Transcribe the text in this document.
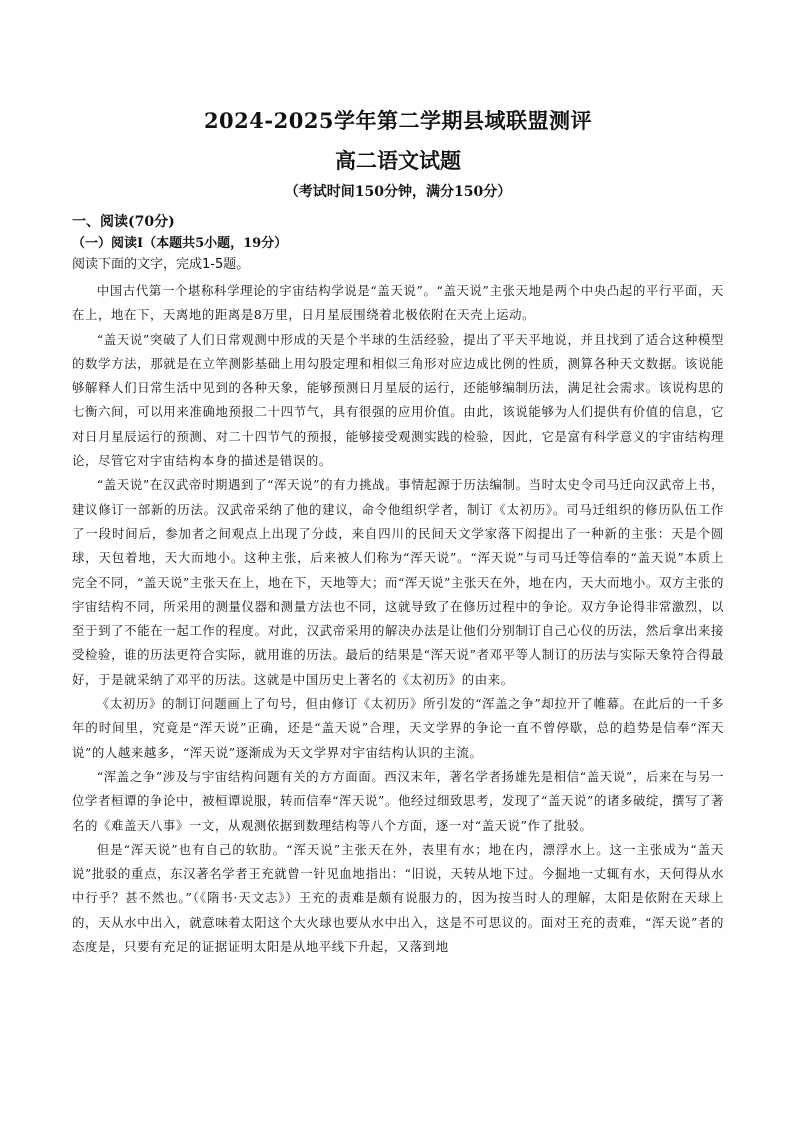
2024-2025学年第二学期县域联盟测评
高二语文试题

（考试时间150分钟，满分150分）

一、阅读(70分)

（一）阅读Ⅰ（本题共5小题，19分）

阅读下面的文字，完成1-5题。

中国古代第一个堪称科学理论的宇宙结构学说是“盖天说”。“盖天说”主张天地是两个中央凸起的平行平面，天在上，地在下，天离地的距离是8万里，日月星辰围绕着北极依附在天壳上运动。

“盖天说”突破了人们日常观测中形成的天是个半球的生活经验，提出了平天平地说，并且找到了适合这种模型的数学方法，那就是在立竿测影基础上用勾股定理和相似三角形对应边成比例的性质，测算各种天文数据。该说能够解释人们日常生活中见到的各种天象，能够预测日月星辰的运行，还能够编制历法，满足社会需求。该说构思的七衡六间，可以用来准确地预报二十四节气，具有很强的应用价值。由此，该说能够为人们提供有价值的信息，它对日月星辰运行的预测、对二十四节气的预报，能够接受观测实践的检验，因此，它是富有科学意义的宇宙结构理论，尽管它对宇宙结构本身的描述是错误的。

“盖天说”在汉武帝时期遇到了“浑天说”的有力挑战。事情起源于历法编制。当时太史令司马迁向汉武帝上书，建议修订一部新的历法。汉武帝采纳了他的建议，命令他组织学者，制订《太初历》。司马迁组织的修历队伍工作了一段时间后，参加者之间观点上出现了分歧，来自四川的民间天文学家落下闳提出了一种新的主张：天是个圆球，天包着地，天大而地小。这种主张，后来被人们称为“浑天说”。“浑天说”与司马迁等信奉的“盖天说”本质上完全不同，“盖天说”主张天在上，地在下，天地等大；而“浑天说”主张天在外，地在内，天大而地小。双方主张的宇宙结构不同，所采用的测量仪器和测量方法也不同，这就导致了在修历过程中的争论。双方争论得非常激烈，以至于到了不能在一起工作的程度。对此，汉武帝采用的解决办法是让他们分别制订自己心仪的历法，然后拿出来接受检验，谁的历法更符合实际，就用谁的历法。最后的结果是“浑天说”者邓平等人制订的历法与实际天象符合得最好，于是就采纳了邓平的历法。这就是中国历史上著名的《太初历》的由来。

《太初历》的制订问题画上了句号，但由修订《太初历》所引发的“浑盖之争”却拉开了帷幕。在此后的一千多年的时间里，究竟是“浑天说”正确，还是“盖天说”合理，天文学界的争论一直不曾停歇，总的趋势是信奉“浑天说”的人越来越多，“浑天说”逐渐成为天文学界对宇宙结构认识的主流。

“浑盖之争”涉及与宇宙结构问题有关的方方面面。西汉末年，著名学者扬雄先是相信“盖天说”，后来在与另一位学者桓谭的争论中，被桓谭说服，转而信奉“浑天说”。他经过细致思考，发现了“盖天说”的诸多破绽，撰写了著名的《难盖天八事》一文，从观测依据到数理结构等八个方面，逐一对“盖天说”作了批驳。

但是“浑天说”也有自己的软肋。“浑天说”主张天在外，表里有水；地在内，漂浮水上。这一主张成为“盖天说”批驳的重点，东汉著名学者王充就曾一针见血地指出：“旧说，天转从地下过。今掘地一丈辄有水，天何得从水中行乎？甚不然也。”（《隋书·天文志》）王充的责难是颇有说服力的，因为按当时人的理解，太阳是依附在天球上的，天从水中出入，就意味着太阳这个大火球也要从水中出入，这是不可思议的。面对王充的责难，“浑天说”者的态度是，只要有充足的证据证明太阳是从地平线下升起，又落到地
